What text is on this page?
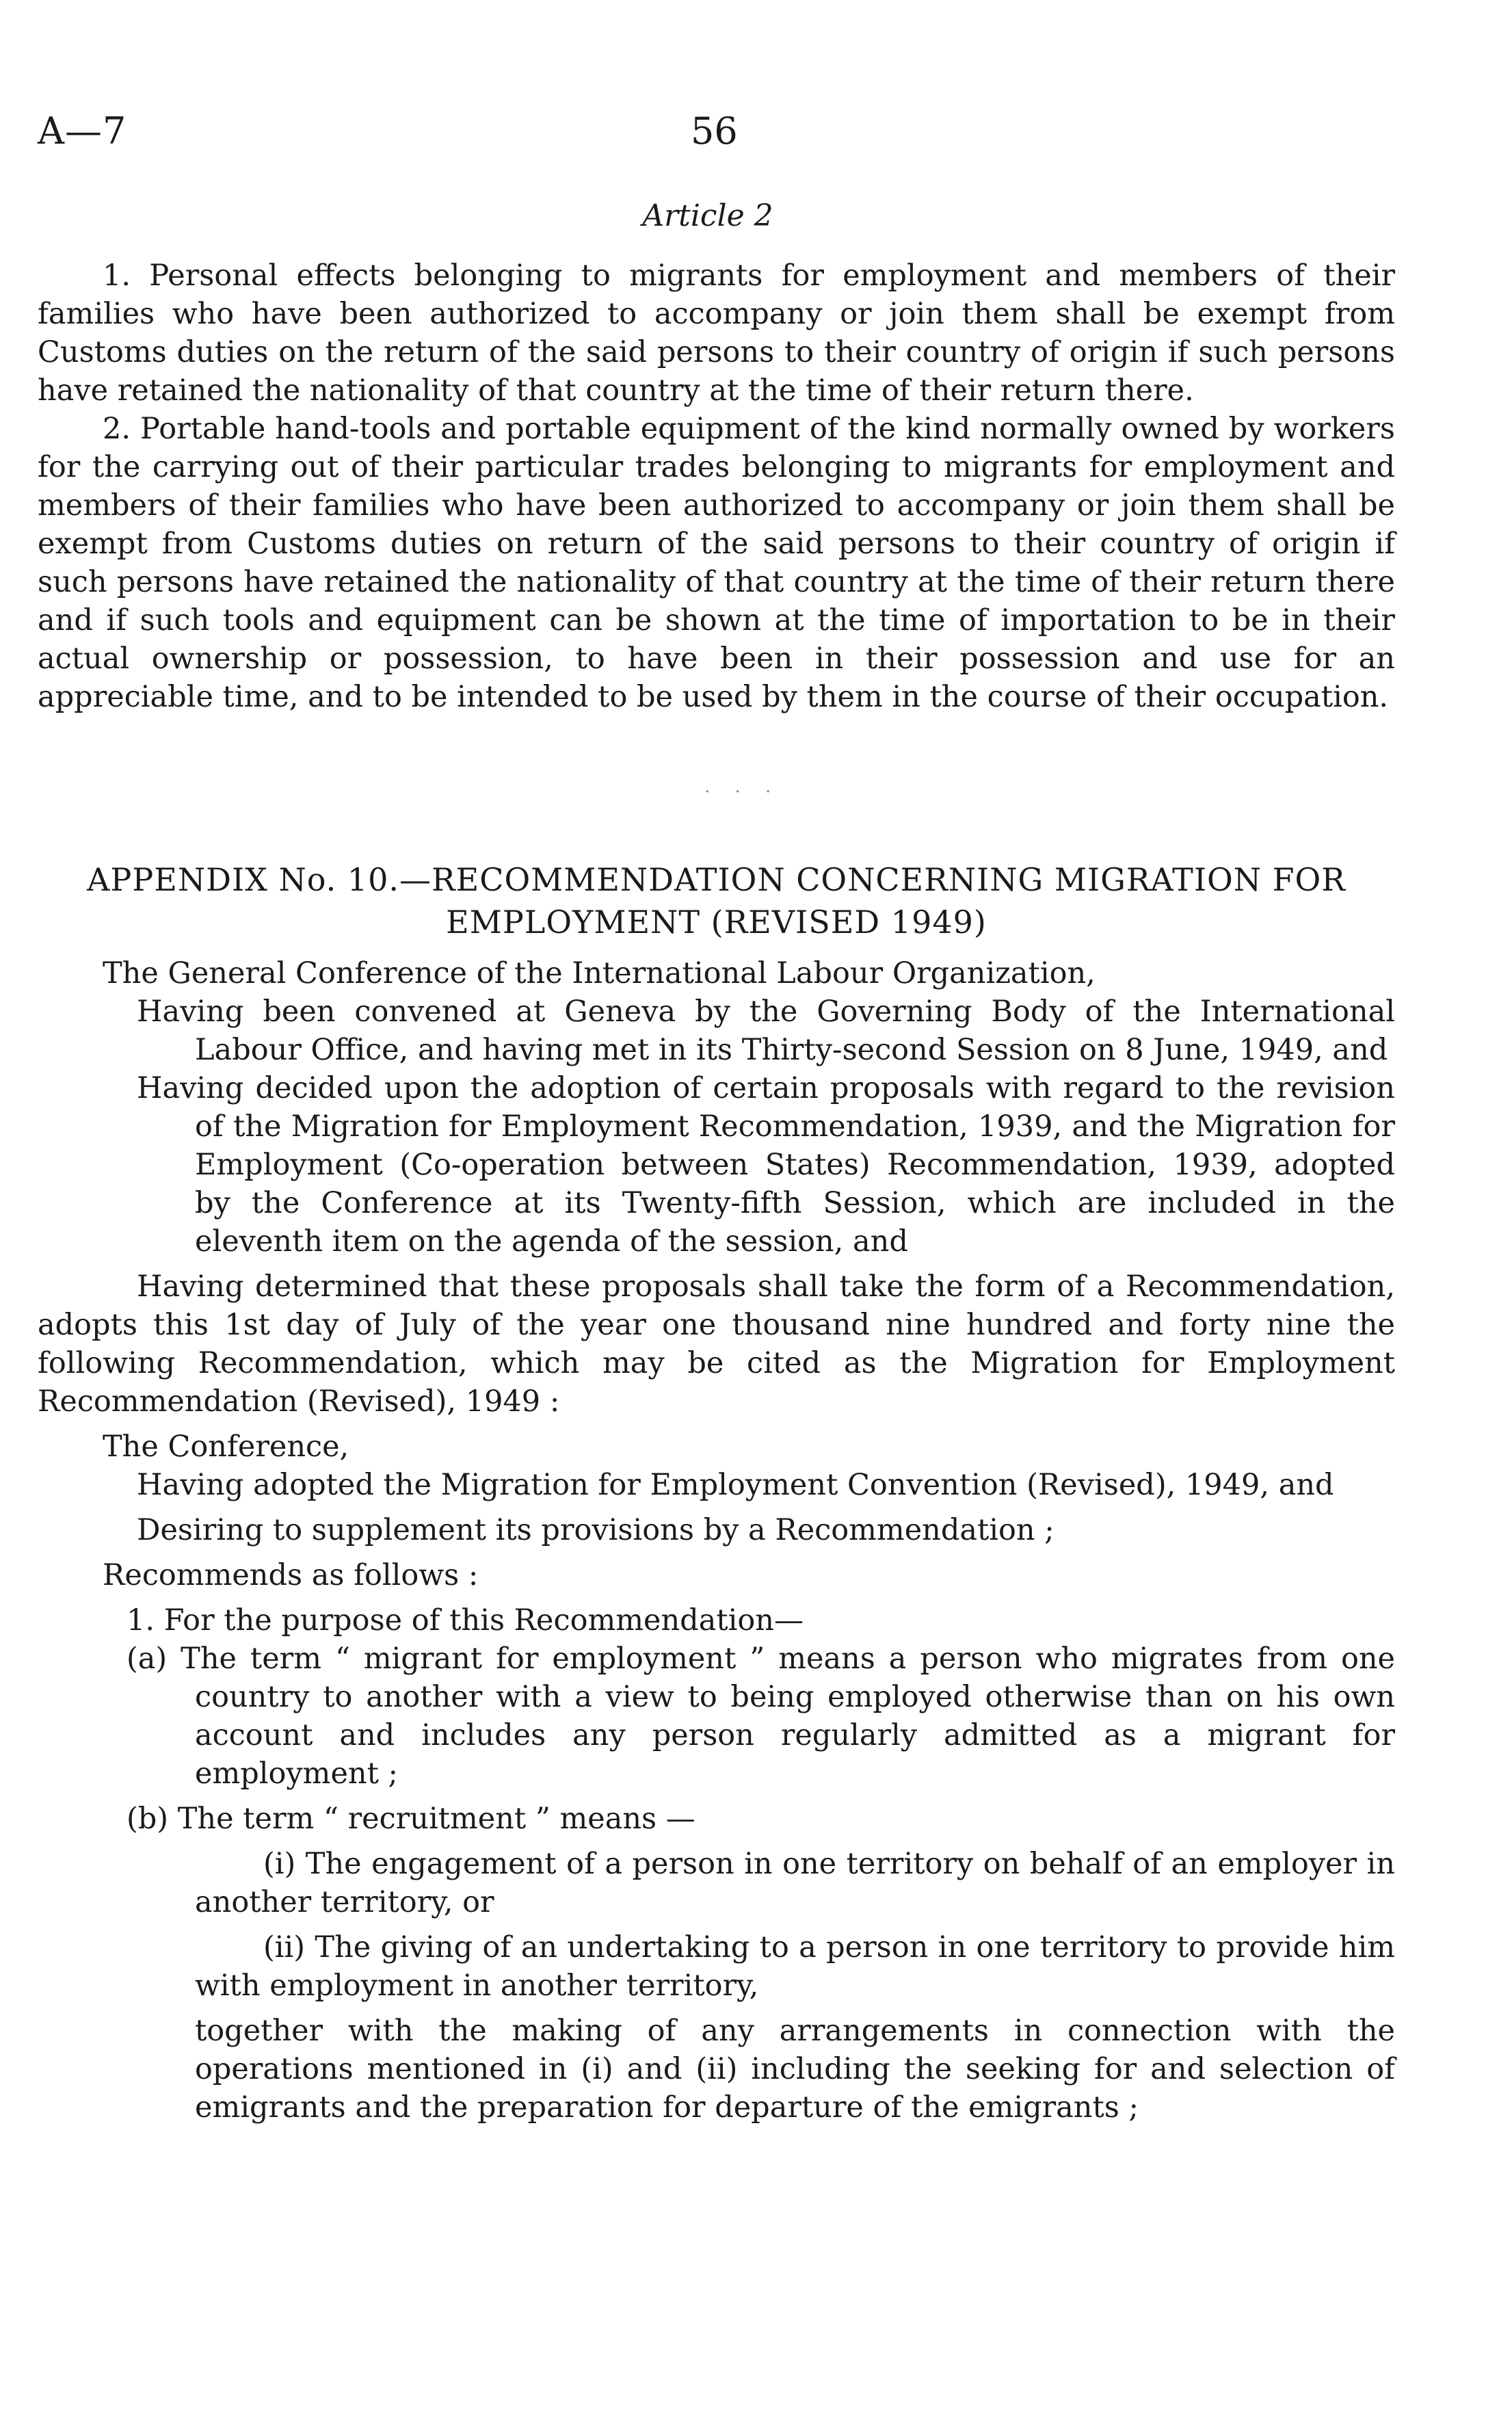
A—7	56
Article 2

1. Personal effects belonging to migrants for employment and members of their families who have been authorized to accompany or join them shall be exempt from Customs duties on the return of the said persons to their country of origin if such persons have retained the nationality of that country at the time of their return there.

2. Portable hand-tools and portable equipment of the kind normally owned by workers for the carrying out of their particular trades belonging to migrants for employment and members of their families who have been authorized to accompany or join them shall be exempt from Customs duties on return of the said persons to their country of origin if such persons have retained the nationality of that country at the time of their return there and if such tools and equipment can be shown at the time of importation to be in their actual ownership or possession, to have been in their possession and use for an appreciable time, and to be intended to be used by them in the course of their occupation.

. . .
APPENDIX No. 10.—RECOMMENDATION CONCERNING MIGRATION FOR
EMPLOYMENT (REVISED 1949)

The General Conference of the International Labour Organization,

Having been convened at Geneva by the Governing Body of the International Labour Office, and having met in its Thirty-second Session on 8 June, 1949, and

Having decided upon the adoption of certain proposals with regard to the revision of the Migration for Employment Recommendation, 1939, and the Migration for Employment (Co-operation between States) Recommendation, 1939, adopted by the Conference at its Twenty-fifth Session, which are included in the eleventh item on the agenda of the session, and

Having determined that these proposals shall take the form of a Recommendation, adopts this 1st day of July of the year one thousand nine hundred and forty nine the following Recommendation, which may be cited as the Migration for Employment Recommendation (Revised), 1949 :

The Conference,

Having adopted the Migration for Employment Convention (Revised), 1949, and

Desiring to supplement its provisions by a Recommendation ;

Recommends as follows :

1. For the purpose of this Recommendation—

(a) The term “ migrant for employment ” means a person who migrates from one country to another with a view to being employed otherwise than on his own account and includes any person regularly admitted as a migrant for employment ;

(b) The term “ recruitment ” means —

(i) The engagement of a person in one territory on behalf of an employer in another territory, or

(ii) The giving of an undertaking to a person in one territory to provide him with employment in another territory,

together with the making of any arrangements in connection with the operations mentioned in (i) and (ii) including the seeking for and selection of emigrants and the preparation for departure of the emigrants ;
